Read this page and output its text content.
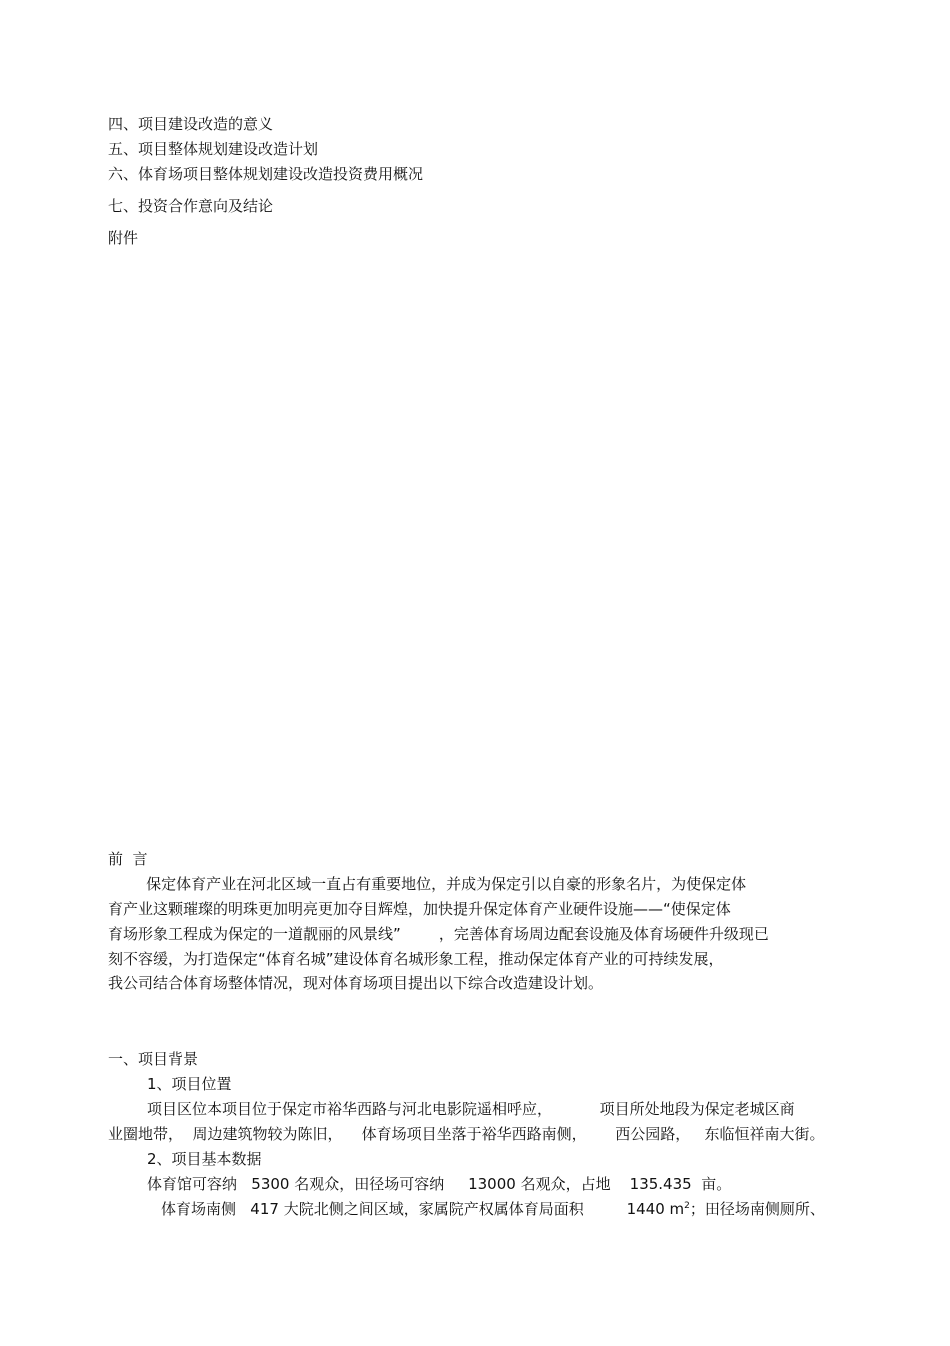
四、项目建设改造的意义
五、项目整体规划建设改造计划
六、体育场项目整体规划建设改造投资费用概况
七、投资合作意向及结论
附件
前  言
保定体育产业在河北区域一直占有重要地位，并成为保定引以自豪的形象名片，为使保定体
育产业这颗璀璨的明珠更加明亮更加夺目辉煌，加快提升保定体育产业硬件设施——“使保定体
育场形象工程成为保定的一道靓丽的风景线”        ，完善体育场周边配套设施及体育场硬件升级现已
刻不容缓，为打造保定“体育名城”建设体育名城形象工程，推动保定体育产业的可持续发展，
我公司结合体育场整体情况，现对体育场项目提出以下综合改造建设计划。
一、项目背景
1、项目位置
项目区位本项目位于保定市裕华西路与河北电影院遥相呼应，          项目所处地段为保定老城区商
业圈地带，  周边建筑物较为陈旧，    体育场项目坐落于裕华西路南侧，      西公园路，   东临恒祥南大街。
2、项目基本数据
体育馆可容纳   5300 名观众，田径场可容纳     13000 名观众，占地    135.435  亩。
体育场南侧   417 大院北侧之间区域，家属院产权属体育局面积         1440 $m^2$；田径场南侧厕所、
